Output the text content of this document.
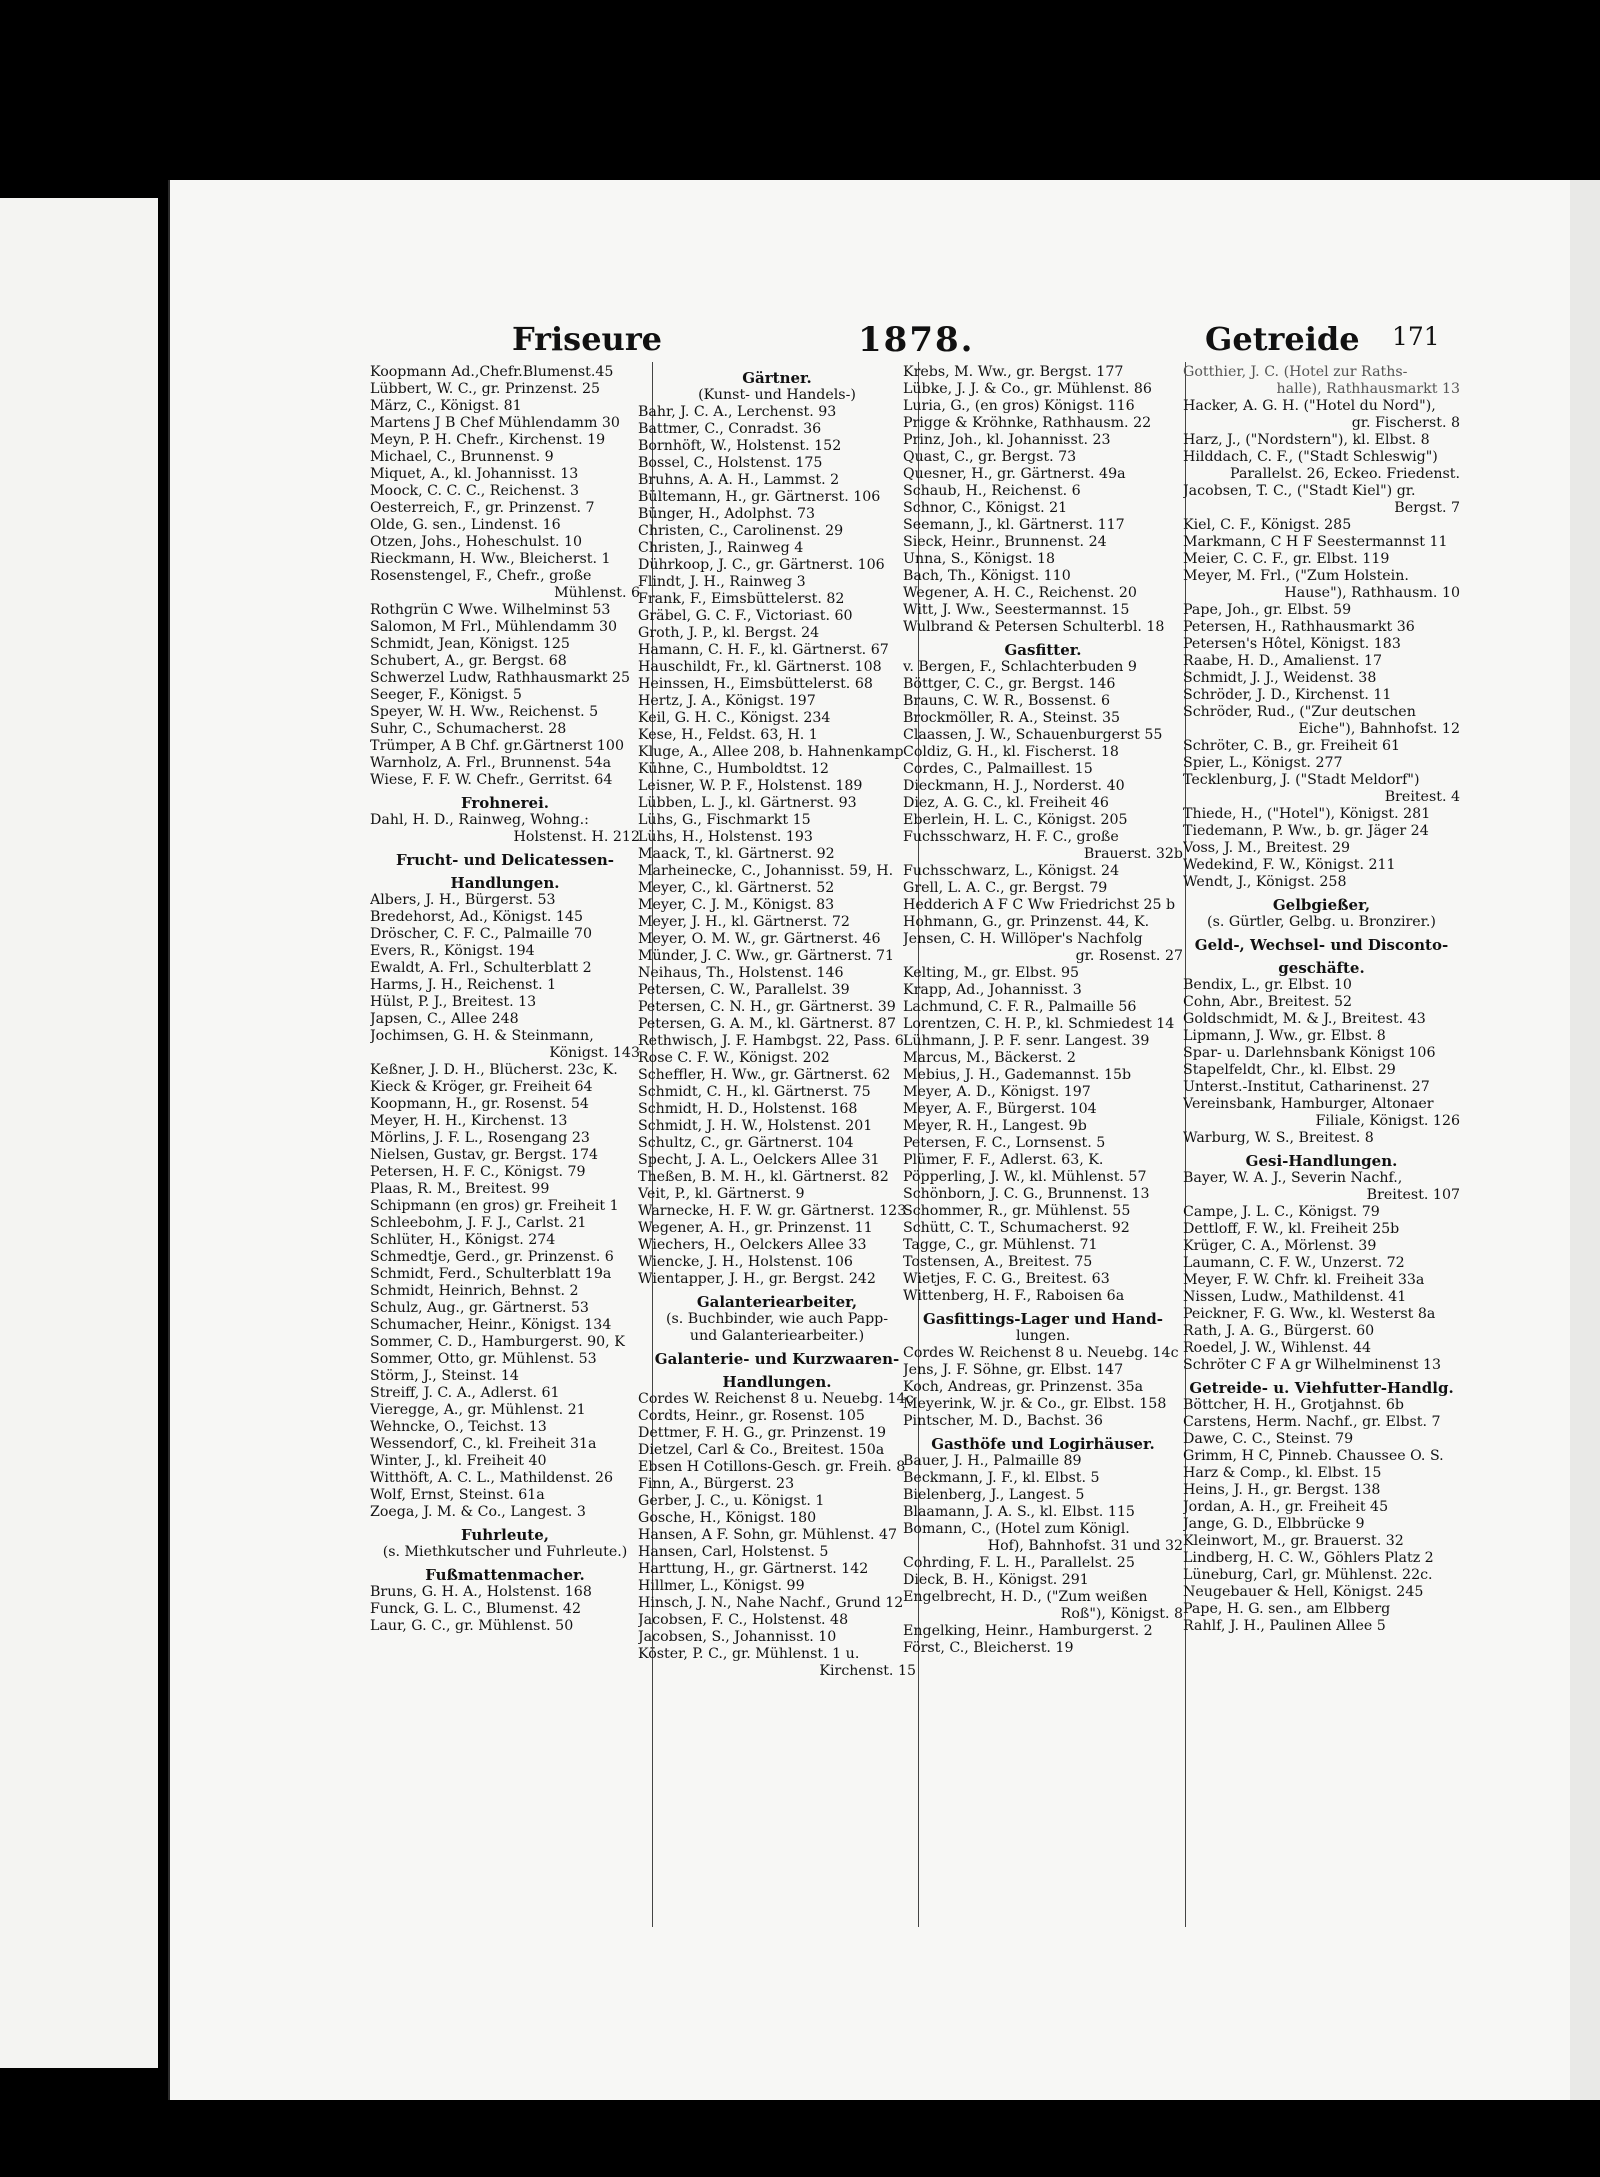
Friseure	1878.	Getreide 171
Koopmann Ad.,Chefr.Blumenst.45
Lübbert, W. C., gr. Prinzenst. 25
März, C., Königst. 81
Martens J B Chef Mühlendamm 30
Meyn, P. H. Chefr., Kirchenst. 19
Michael, C., Brunnenst. 9
Miquet, A., kl. Johannisst. 13
Moock, C. C. C., Reichenst. 3
Oesterreich, F., gr. Prinzenst. 7
Olde, G. sen., Lindenst. 16
Otzen, Johs., Hoheschulst. 10
Rieckmann, H. Ww., Bleicherst. 1
Rosenstengel, F., Chefr., große
Mühlenst. 6
Rothgrün C Wwe. Wilhelminst 53
Salomon, M Frl., Mühlendamm 30
Schmidt, Jean, Königst. 125
Schubert, A., gr. Bergst. 68
Schwerzel Ludw, Rathhausmarkt 25
Seeger, F., Königst. 5
Speyer, W. H. Ww., Reichenst. 5
Suhr, C., Schumacherst. 28
Trümper, A B Chf. gr.Gärtnerst 100
Warnholz, A. Frl., Brunnenst. 54a
Wiese, F. F. W. Chefr., Gerritst. 64
Frohnerei.
Dahl, H. D., Rainweg, Wohng.:
Holstenst. H. 212
Frucht- und Delicatessen-
Handlungen.
Albers, J. H., Bürgerst. 53
Bredehorst, Ad., Königst. 145
Dröscher, C. F. C., Palmaille 70
Evers, R., Königst. 194
Ewaldt, A. Frl., Schulterblatt 2
Harms, J. H., Reichenst. 1
Hülst, P. J., Breitest. 13
Japsen, C., Allee 248
Jochimsen, G. H. & Steinmann,
Königst. 143
Keßner, J. D. H., Blücherst. 23c, K.
Kieck & Kröger, gr. Freiheit 64
Koopmann, H., gr. Rosenst. 54
Meyer, H. H., Kirchenst. 13
Mörlins, J. F. L., Rosengang 23
Nielsen, Gustav, gr. Bergst. 174
Petersen, H. F. C., Königst. 79
Plaas, R. M., Breitest. 99
Schipmann (en gros) gr. Freiheit 1
Schleebohm, J. F. J., Carlst. 21
Schlüter, H., Königst. 274
Schmedtje, Gerd., gr. Prinzenst. 6
Schmidt, Ferd., Schulterblatt 19a
Schmidt, Heinrich, Behnst. 2
Schulz, Aug., gr. Gärtnerst. 53
Schumacher, Heinr., Königst. 134
Sommer, C. D., Hamburgerst. 90, K
Sommer, Otto, gr. Mühlenst. 53
Störm, J., Steinst. 14
Streiff, J. C. A., Adlerst. 61
Vieregge, A., gr. Mühlenst. 21
Wehncke, O., Teichst. 13
Wessendorf, C., kl. Freiheit 31a
Winter, J., kl. Freiheit 40
Witthöft, A. C. L., Mathildenst. 26
Wolf, Ernst, Steinst. 61a
Zoega, J. M. & Co., Langest. 3
Fuhrleute,
(s. Miethkutscher und Fuhrleute.)
Fußmattenmacher.
Bruns, G. H. A., Holstenst. 168
Funck, G. L. C., Blumenst. 42
Laur, G. C., gr. Mühlenst. 50
Gärtner.
(Kunst- und Handels-)
Bahr, J. C. A., Lerchenst. 93
Battmer, C., Conradst. 36
Bornhöft, W., Holstenst. 152
Bossel, C., Holstenst. 175
Bruhns, A. A. H., Lammst. 2
Bültemann, H., gr. Gärtnerst. 106
Bünger, H., Adolphst. 73
Christen, C., Carolinenst. 29
Christen, J., Rainweg 4
Dührkoop, J. C., gr. Gärtnerst. 106
Flindt, J. H., Rainweg 3
Frank, F., Eimsbüttelerst. 82
Gräbel, G. C. F., Victoriast. 60
Groth, J. P., kl. Bergst. 24
Hamann, C. H. F., kl. Gärtnerst. 67
Hauschildt, Fr., kl. Gärtnerst. 108
Heinssen, H., Eimsbüttelerst. 68
Hertz, J. A., Königst. 197
Keil, G. H. C., Königst. 234
Kese, H., Feldst. 63, H. 1
Kluge, A., Allee 208, b. Hahnenkamp
Kühne, C., Humboldtst. 12
Leisner, W. P. F., Holstenst. 189
Lübben, L. J., kl. Gärtnerst. 93
Lühs, G., Fischmarkt 15
Lühs, H., Holstenst. 193
Maack, T., kl. Gärtnerst. 92
Marheinecke, C., Johannisst. 59, H.
Meyer, C., kl. Gärtnerst. 52
Meyer, C. J. M., Königst. 83
Meyer, J. H., kl. Gärtnerst. 72
Meyer, O. M. W., gr. Gärtnerst. 46
Münder, J. C. Ww., gr. Gärtnerst. 71
Neihaus, Th., Holstenst. 146
Petersen, C. W., Parallelst. 39
Petersen, C. N. H., gr. Gärtnerst. 39
Petersen, G. A. M., kl. Gärtnerst. 87
Rethwisch, J. F. Hambgst. 22, Pass. 6
Rose C. F. W., Königst. 202
Scheffler, H. Ww., gr. Gärtnerst. 62
Schmidt, C. H., kl. Gärtnerst. 75
Schmidt, H. D., Holstenst. 168
Schmidt, J. H. W., Holstenst. 201
Schultz, C., gr. Gärtnerst. 104
Specht, J. A. L., Oelckers Allee 31
Theßen, B. M. H., kl. Gärtnerst. 82
Veit, P., kl. Gärtnerst. 9
Warnecke, H. F. W. gr. Gärtnerst. 123
Wegener, A. H., gr. Prinzenst. 11
Wiechers, H., Oelckers Allee 33
Wiencke, J. H., Holstenst. 106
Wientapper, J. H., gr. Bergst. 242
Galanteriearbeiter,
(s. Buchbinder, wie auch Papp-
und Galanteriearbeiter.)
Galanterie- und Kurzwaaren-
Handlungen.
Cordes W. Reichenst 8 u. Neuebg. 14c
Cordts, Heinr., gr. Rosenst. 105
Dettmer, F. H. G., gr. Prinzenst. 19
Dietzel, Carl & Co., Breitest. 150a
Ebsen H Cotillons-Gesch. gr. Freih. 8
Finn, A., Bürgerst. 23
Gerber, J. C., u. Königst. 1
Gosche, H., Königst. 180
Hansen, A F. Sohn, gr. Mühlenst. 47
Hansen, Carl, Holstenst. 5
Harttung, H., gr. Gärtnerst. 142
Hillmer, L., Königst. 99
Hinsch, J. N., Nahe Nachf., Grund 12
Jacobsen, F. C., Holstenst. 48
Jacobsen, S., Johannisst. 10
Köster, P. C., gr. Mühlenst. 1 u.
Kirchenst. 15
Krebs, M. Ww., gr. Bergst. 177
Lübke, J. J. & Co., gr. Mühlenst. 86
Luria, G., (en gros) Königst. 116
Prigge & Kröhnke, Rathhausm. 22
Prinz, Joh., kl. Johannisst. 23
Quast, C., gr. Bergst. 73
Quesner, H., gr. Gärtnerst. 49a
Schaub, H., Reichenst. 6
Schnor, C., Königst. 21
Seemann, J., kl. Gärtnerst. 117
Sieck, Heinr., Brunnenst. 24
Unna, S., Königst. 18
Bach, Th., Königst. 110
Wegener, A. H. C., Reichenst. 20
Witt, J. Ww., Seestermannst. 15
Wulbrand & Petersen Schulterbl. 18
Gasfitter.
v. Bergen, F., Schlachterbuden 9
Böttger, C. C., gr. Bergst. 146
Brauns, C. W. R., Bossenst. 6
Brockmöller, R. A., Steinst. 35
Claassen, J. W., Schauenburgerst 55
Coldiz, G. H., kl. Fischerst. 18
Cordes, C., Palmaillest. 15
Dieckmann, H. J., Norderst. 40
Diez, A. G. C., kl. Freiheit 46
Eberlein, H. L. C., Königst. 205
Fuchsschwarz, H. F. C., große
Brauerst. 32b
Fuchsschwarz, L., Königst. 24
Grell, L. A. C., gr. Bergst. 79
Hedderich A F C Ww Friedrichst 25 b
Hohmann, G., gr. Prinzenst. 44, K.
Jensen, C. H. Willöper's Nachfolg
gr. Rosenst. 27
Kelting, M., gr. Elbst. 95
Krapp, Ad., Johannisst. 3
Lachmund, C. F. R., Palmaille 56
Lorentzen, C. H. P., kl. Schmiedest 14
Lühmann, J. P. F. senr. Langest. 39
Marcus, M., Bäckerst. 2
Mebius, J. H., Gademannst. 15b
Meyer, A. D., Königst. 197
Meyer, A. F., Bürgerst. 104
Meyer, R. H., Langest. 9b
Petersen, F. C., Lornsenst. 5
Plümer, F. F., Adlerst. 63, K.
Pöpperling, J. W., kl. Mühlenst. 57
Schönborn, J. C. G., Brunnenst. 13
Schommer, R., gr. Mühlenst. 55
Schütt, C. T., Schumacherst. 92
Tagge, C., gr. Mühlenst. 71
Tostensen, A., Breitest. 75
Wietjes, F. C. G., Breitest. 63
Wittenberg, H. F., Raboisen 6a
Gasfittings-Lager und Hand-
lungen.
Cordes W. Reichenst 8 u. Neuebg. 14c
Jens, J. F. Söhne, gr. Elbst. 147
Koch, Andreas, gr. Prinzenst. 35a
Meyerink, W. jr. & Co., gr. Elbst. 158
Pintscher, M. D., Bachst. 36
Gasthöfe und Logirhäuser.
Bauer, J. H., Palmaille 89
Beckmann, J. F., kl. Elbst. 5
Bielenberg, J., Langest. 5
Blaamann, J. A. S., kl. Elbst. 115
Bomann, C., (Hotel zum Königl.
Hof), Bahnhofst. 31 und 32
Cohrding, F. L. H., Parallelst. 25
Dieck, B. H., Königst. 291
Engelbrecht, H. D., ("Zum weißen
Roß"), Königst. 8
Engelking, Heinr., Hamburgerst. 2
Först, C., Bleicherst. 19
Gotthier, J. C. (Hotel zur Raths-
halle), Rathhausmarkt 13
Hacker, A. G. H. ("Hotel du Nord"),
gr. Fischerst. 8
Harz, J., ("Nordstern"), kl. Elbst. 8
Hilddach, C. F., ("Stadt Schleswig")
Parallelst. 26, Eckeo. Friedenst.
Jacobsen, T. C., ("Stadt Kiel") gr.
Bergst. 7
Kiel, C. F., Königst. 285
Markmann, C H F Seestermannst 11
Meier, C. C. F., gr. Elbst. 119
Meyer, M. Frl., ("Zum Holstein.
Hause"), Rathhausm. 10
Pape, Joh., gr. Elbst. 59
Petersen, H., Rathhausmarkt 36
Petersen's Hôtel, Königst. 183
Raabe, H. D., Amalienst. 17
Schmidt, J. J., Weidenst. 38
Schröder, J. D., Kirchenst. 11
Schröder, Rud., ("Zur deutschen
Eiche"), Bahnhofst. 12
Schröter, C. B., gr. Freiheit 61
Spier, L., Königst. 277
Tecklenburg, J. ("Stadt Meldorf")
Breitest. 4
Thiede, H., ("Hotel"), Königst. 281
Tiedemann, P. Ww., b. gr. Jäger 24
Voss, J. M., Breitest. 29
Wedekind, F. W., Königst. 211
Wendt, J., Königst. 258
Gelbgießer,
(s. Gürtler, Gelbg. u. Bronzirer.)
Geld-, Wechsel- und Disconto-
geschäfte.
Bendix, L., gr. Elbst. 10
Cohn, Abr., Breitest. 52
Goldschmidt, M. & J., Breitest. 43
Lipmann, J. Ww., gr. Elbst. 8
Spar- u. Darlehnsbank Königst 106
Stapelfeldt, Chr., kl. Elbst. 29
Unterst.-Institut, Catharinenst. 27
Vereinsbank, Hamburger, Altonaer
Filiale, Königst. 126
Warburg, W. S., Breitest. 8
Gesi-Handlungen.
Bayer, W. A. J., Severin Nachf.,
Breitest. 107
Campe, J. L. C., Königst. 79
Dettloff, F. W., kl. Freiheit 25b
Krüger, C. A., Mörlenst. 39
Laumann, C. F. W., Unzerst. 72
Meyer, F. W. Chfr. kl. Freiheit 33a
Nissen, Ludw., Mathildenst. 41
Peickner, F. G. Ww., kl. Westerst 8a
Rath, J. A. G., Bürgerst. 60
Roedel, J. W., Wihlenst. 44
Schröter C F A gr Wilhelminenst 13
Getreide- u. Viehfutter-Handlg.
Böttcher, H. H., Grotjahnst. 6b
Carstens, Herm. Nachf., gr. Elbst. 7
Dawe, C. C., Steinst. 79
Grimm, H C, Pinneb. Chaussee O. S.
Harz & Comp., kl. Elbst. 15
Heins, J. H., gr. Bergst. 138
Jordan, A. H., gr. Freiheit 45
Jange, G. D., Elbbrücke 9
Kleinwort, M., gr. Brauerst. 32
Lindberg, H. C. W., Göhlers Platz 2
Lüneburg, Carl, gr. Mühlenst. 22c.
Neugebauer & Hell, Königst. 245
Pape, H. G. sen., am Elbberg
Rahlf, J. H., Paulinen Allee 5
